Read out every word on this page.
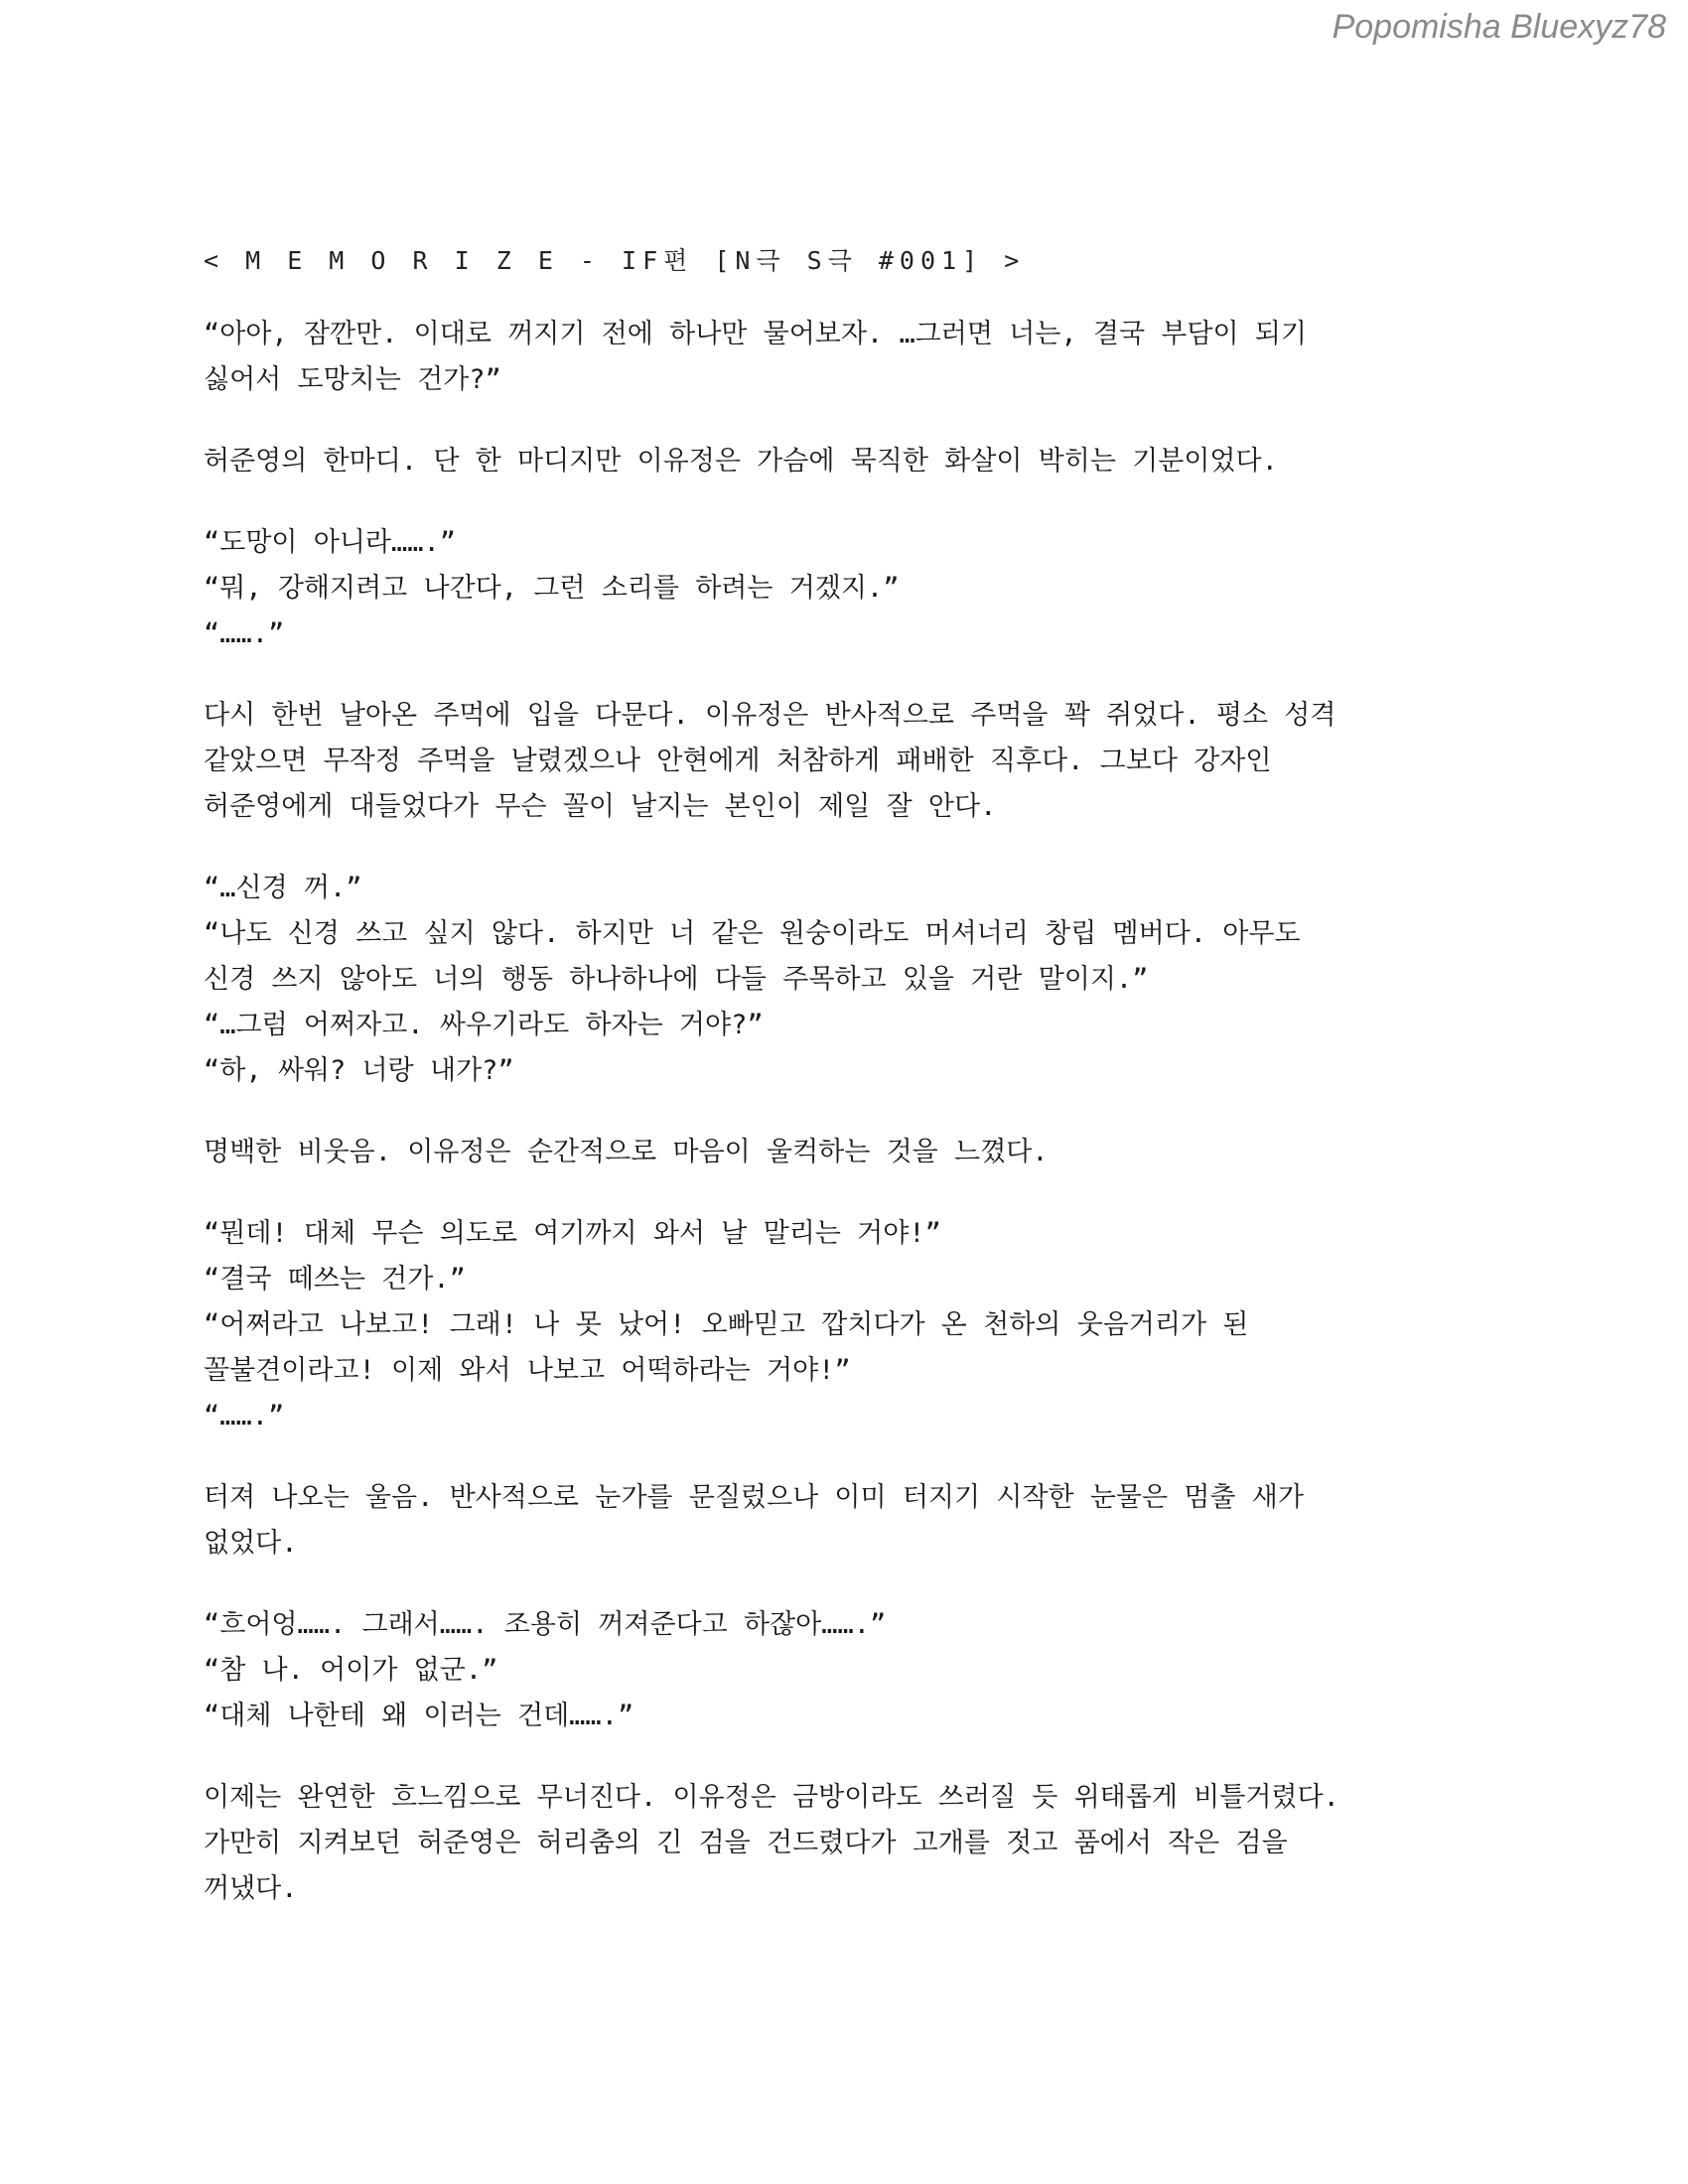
Popomisha Bluexyz78
< M E M O R I Z E - IF편 [N극 S극 #001] >
“아아, 잠깐만. 이대로 꺼지기 전에 하나만 물어보자. …그러면 너는, 결국 부담이 되기
싫어서 도망치는 건가?”
허준영의 한마디. 단 한 마디지만 이유정은 가슴에 묵직한 화살이 박히는 기분이었다.
“도망이 아니라…….”
“뭐, 강해지려고 나간다, 그런 소리를 하려는 거겠지.”
“…….”
다시 한번 날아온 주먹에 입을 다문다. 이유정은 반사적으로 주먹을 꽉 쥐었다. 평소 성격
같았으면 무작정 주먹을 날렸겠으나 안현에게 처참하게 패배한 직후다. 그보다 강자인
허준영에게 대들었다가 무슨 꼴이 날지는 본인이 제일 잘 안다.
“…신경 꺼.”
“나도 신경 쓰고 싶지 않다. 하지만 너 같은 원숭이라도 머셔너리 창립 멤버다. 아무도
신경 쓰지 않아도 너의 행동 하나하나에 다들 주목하고 있을 거란 말이지.”
“…그럼 어쩌자고. 싸우기라도 하자는 거야?”
“하, 싸워? 너랑 내가?”
명백한 비웃음. 이유정은 순간적으로 마음이 울컥하는 것을 느꼈다.
“뭔데! 대체 무슨 의도로 여기까지 와서 날 말리는 거야!”
“결국 떼쓰는 건가.”
“어쩌라고 나보고! 그래! 나 못 났어! 오빠믿고 깝치다가 온 천하의 웃음거리가 된
꼴불견이라고! 이제 와서 나보고 어떡하라는 거야!”
“…….”
터져 나오는 울음. 반사적으로 눈가를 문질렀으나 이미 터지기 시작한 눈물은 멈출 새가
없었다.
“흐어엉……. 그래서……. 조용히 꺼져준다고 하잖아…….”
“참 나. 어이가 없군.”
“대체 나한테 왜 이러는 건데…….”
이제는 완연한 흐느낌으로 무너진다. 이유정은 금방이라도 쓰러질 듯 위태롭게 비틀거렸다.
가만히 지켜보던 허준영은 허리춤의 긴 검을 건드렸다가 고개를 젓고 품에서 작은 검을
꺼냈다.
